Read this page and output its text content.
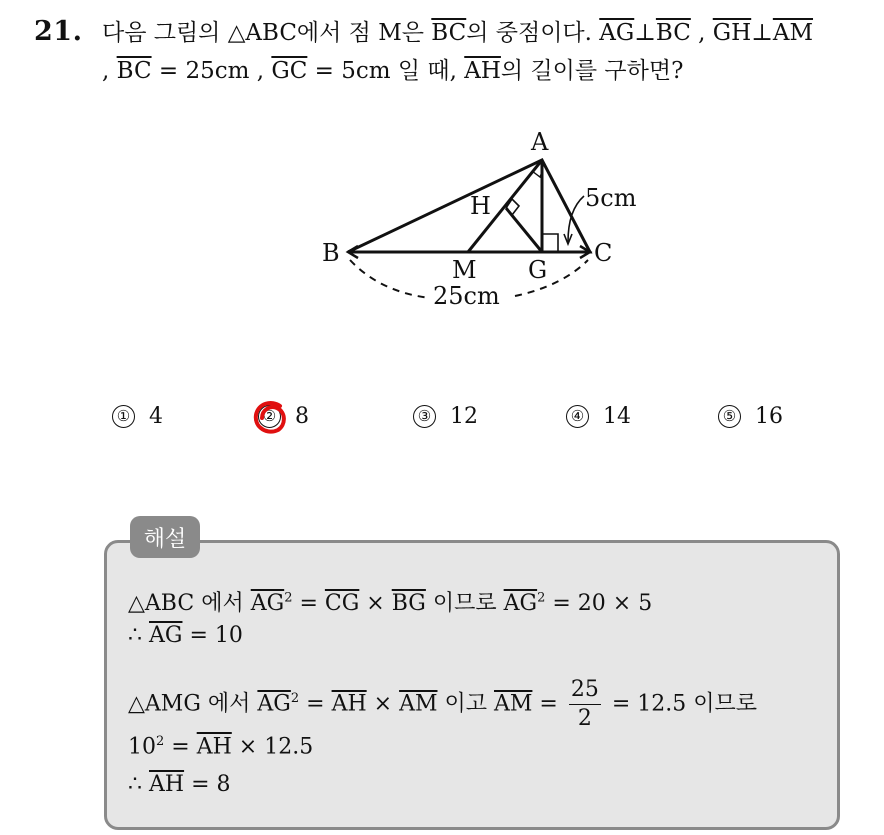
21. 다음 그림의 △ABC에서 점 M은 $\overline{BC}$의 중점이다. $\overline{AG}\perp\overline{BC}$ , $\overline{GH}\perp\overline{AM}$
, $\overline{BC} = 25cm$ , $\overline{GC} = 5cm$ 일 때, $\overline{AH}$의 길이를 구하면?
A
B	C
H
M G
5cm
25cm
① 4	② 8	③ 12	④ 14	⑤ 16
해설
△ABC 에서 $\overline{AG}^2 = \overline{CG} \times \overline{BG}$ 이므로 $\overline{AG}^2 = 20 \times 5$
∴ $\overline{AG} = 10$
△AMG 에서 $\overline{AG}^2 = \overline{AH} \times \overline{AM}$ 이고 $\overline{AM} = \frac{25}{2} = 12.5$ 이므로
$10^2 = \overline{AH} \times 12.5$
∴ $\overline{AH} = 8$
